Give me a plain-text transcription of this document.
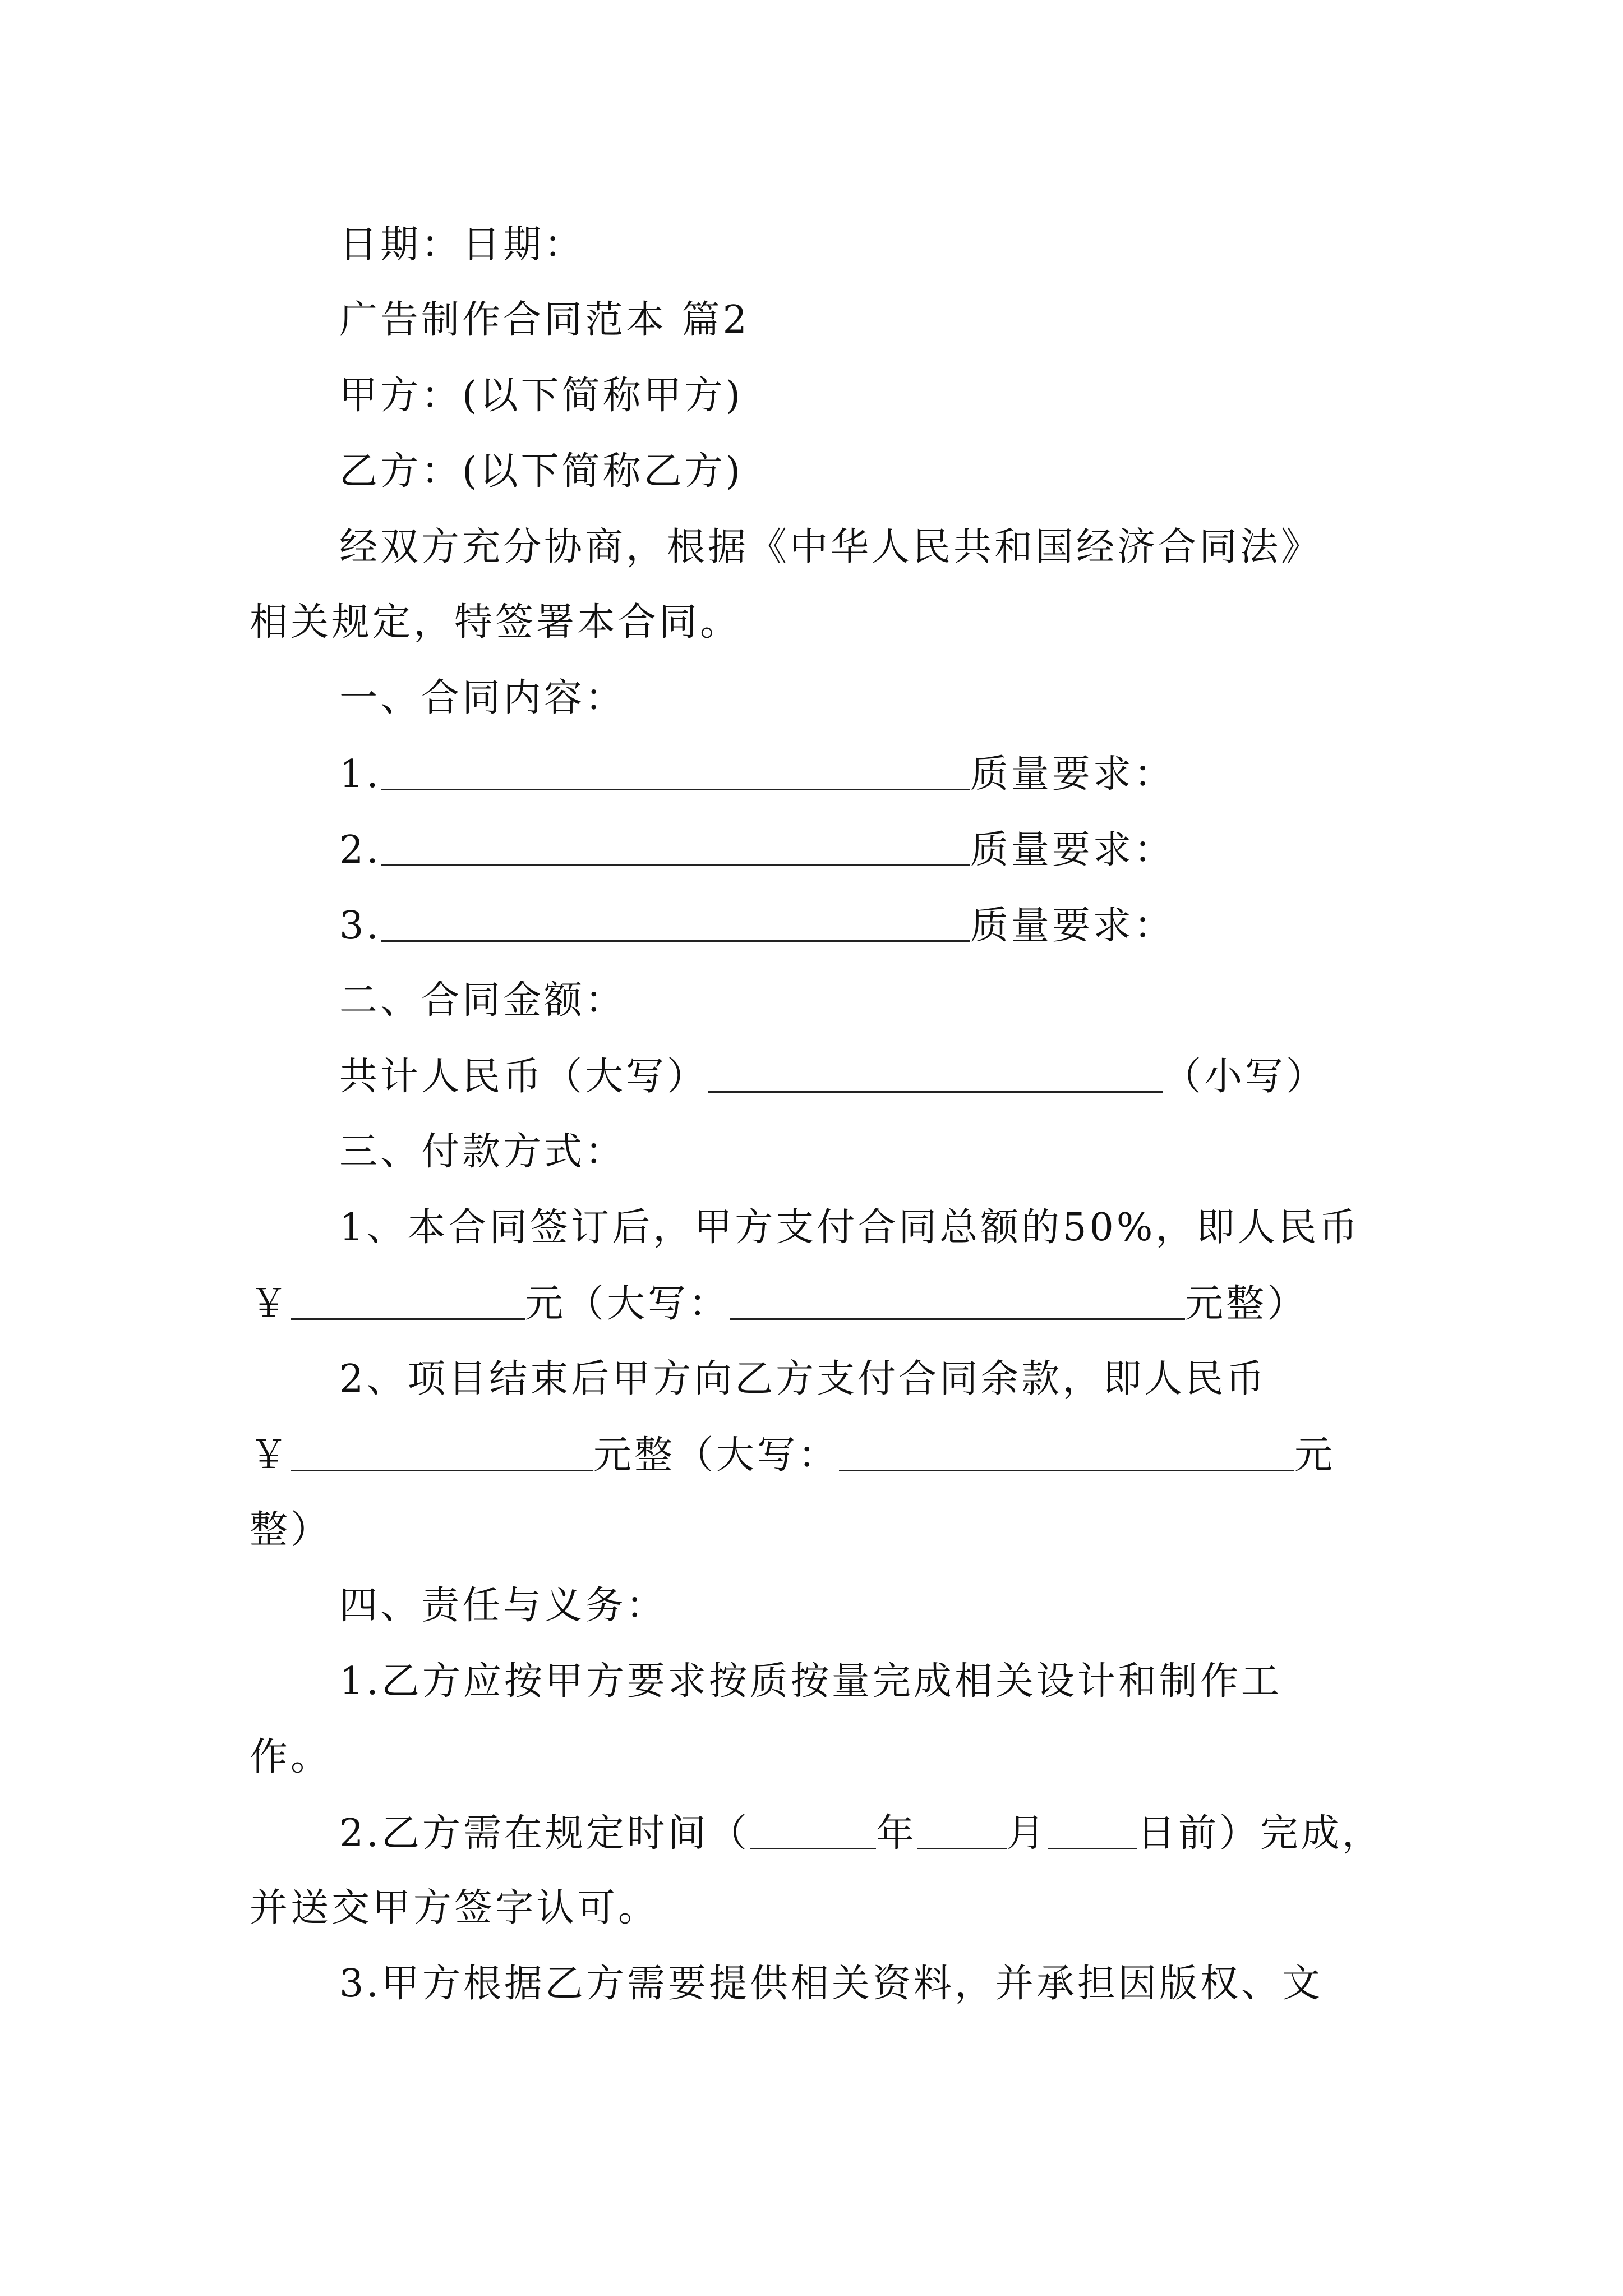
日期：日期：
广告制作合同范本 篇2
甲方：(以下简称甲方)
乙方：(以下简称乙方)
经双方充分协商，根据《中华人民共和国经济合同法》
相关规定，特签署本合同。
一、合同内容：
1.	质量要求：
2.	质量要求：
3.	质量要求：
二、合同金额：
共计人民币（大写）	（小写）
三、付款方式：
1、本合同签订后，甲方支付合同总额的50%，即人民币
￥	元（大写：	元整）
2、项目结束后甲方向乙方支付合同余款，即人民币
￥	元整（大写：	元
整）
四、责任与义务：
1.乙方应按甲方要求按质按量完成相关设计和制作工
作。
2.乙方需在规定时间（	年 月 日前）完成，
并送交甲方签字认可。
3.甲方根据乙方需要提供相关资料，并承担因版权、文
